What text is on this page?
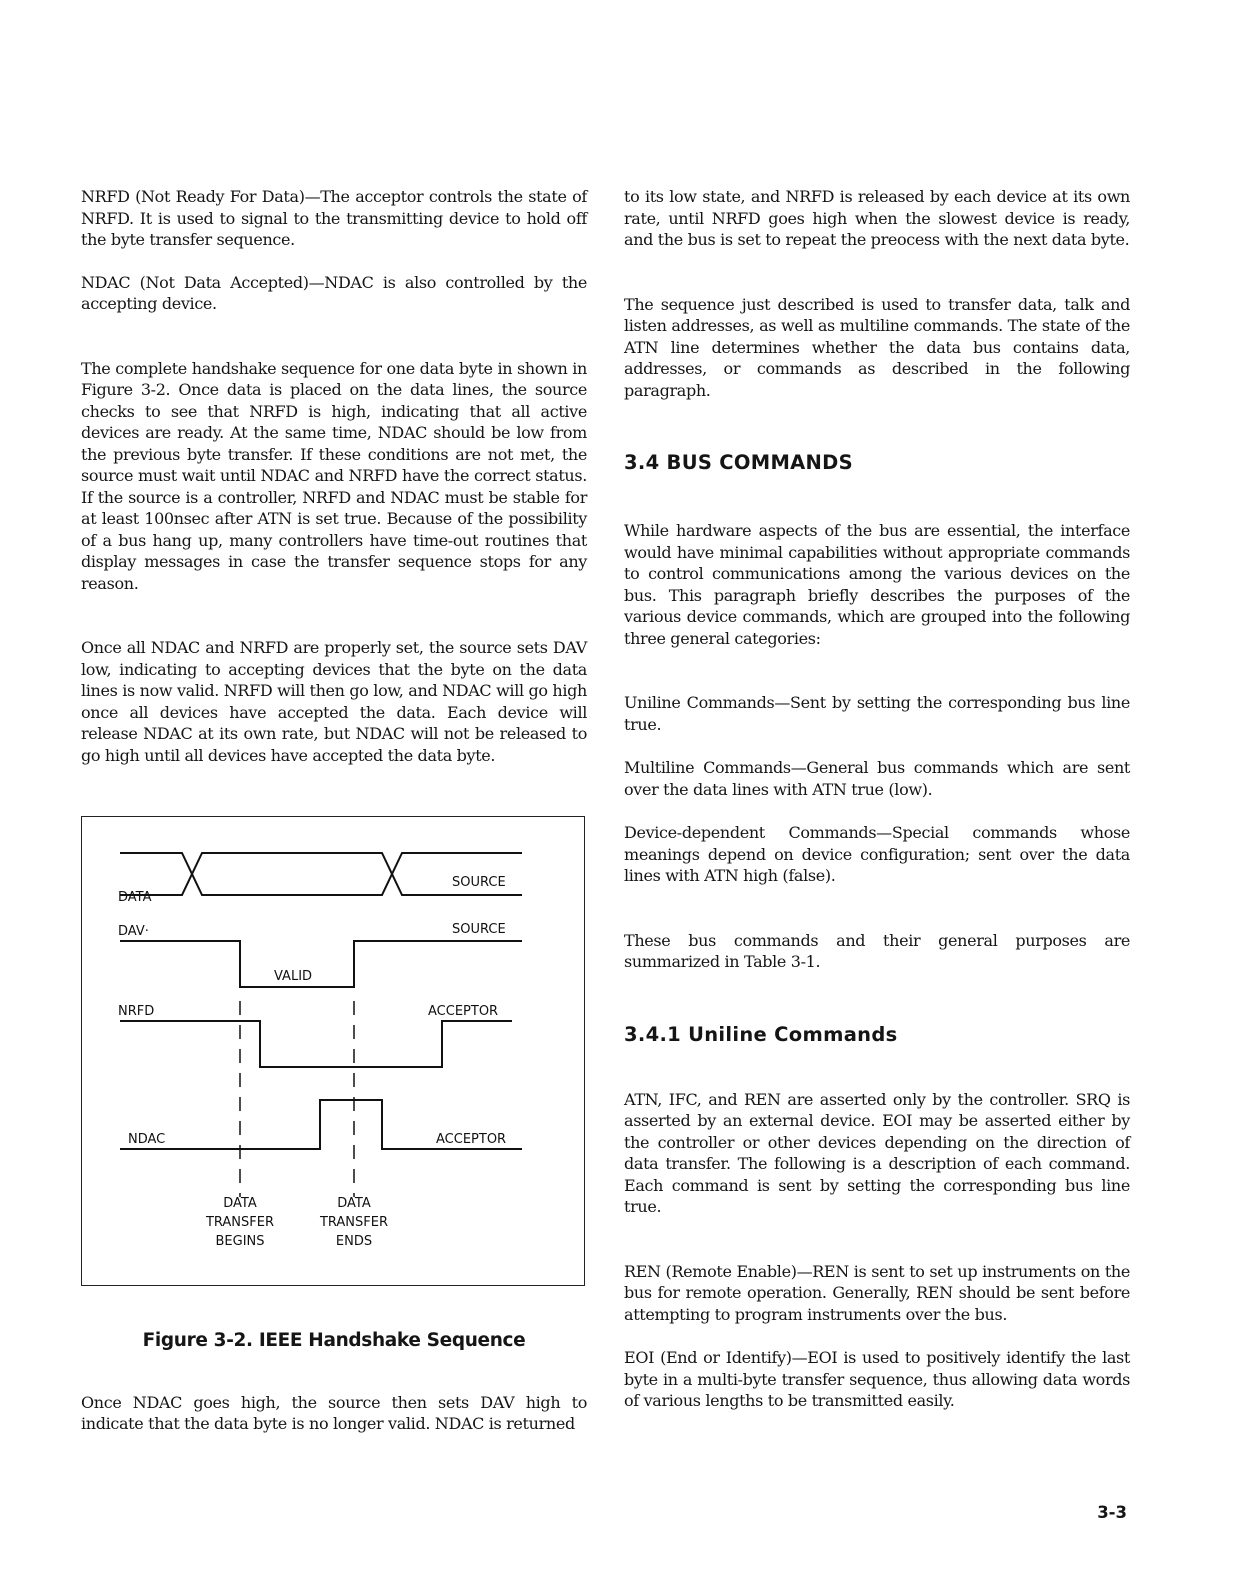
NRFD (Not Ready For Data)—The acceptor controls the state of NRFD. It is used to signal to the transmitting device to hold off the byte transfer sequence.

NDAC (Not Data Accepted)—NDAC is also controlled by the accepting device.

The complete handshake sequence for one data byte in shown in Figure 3-2. Once data is placed on the data lines, the source checks to see that NRFD is high, indicating that all active devices are ready. At the same time, NDAC should be low from the previous byte transfer. If these conditions are not met, the source must wait until NDAC and NRFD have the correct status. If the source is a controller, NRFD and NDAC must be stable for at least 100nsec after ATN is set true. Because of the possibility of a bus hang up, many controllers have time-out routines that display messages in case the transfer sequence stops for any reason.

Once all NDAC and NRFD are properly set, the source sets DAV low, indicating to accepting devices that the byte on the data lines is now valid. NRFD will then go low, and NDAC will go high once all devices have accepted the data. Each device will release NDAC at its own rate, but NDAC will not be released to go high until all devices have accepted the data byte.

DATA
SOURCE
DAV·	SOURCE
VALID
NRFD	ACCEPTOR
NDAC	ACCEPTOR
DATA
TRANSFER
BEGINS
DATA
TRANSFER
ENDS

Figure 3-2. IEEE Handshake Sequence

Once NDAC goes high, the source then sets DAV high to indicate that the data byte is no longer valid. NDAC is returned

to its low state, and NRFD is released by each device at its own rate, until NRFD goes high when the slowest device is ready, and the bus is set to repeat the preocess with the next data byte.

The sequence just described is used to transfer data, talk and listen addresses, as well as multiline commands. The state of the ATN line determines whether the data bus contains data, addresses, or commands as described in the following paragraph.

3.4 BUS COMMANDS

While hardware aspects of the bus are essential, the interface would have minimal capabilities without appropriate commands to control communications among the various devices on the bus. This paragraph briefly describes the purposes of the various device commands, which are grouped into the following three general categories:

Uniline Commands—Sent by setting the corresponding bus line true.

Multiline Commands—General bus commands which are sent over the data lines with ATN true (low).

Device-dependent Commands—Special commands whose meanings depend on device configuration; sent over the data lines with ATN high (false).

These bus commands and their general purposes are summarized in Table 3-1.

3.4.1 Uniline Commands

ATN, IFC, and REN are asserted only by the controller. SRQ is asserted by an external device. EOI may be asserted either by the controller or other devices depending on the direction of data transfer. The following is a description of each command. Each command is sent by setting the corresponding bus line true.

REN (Remote Enable)—REN is sent to set up instruments on the bus for remote operation. Generally, REN should be sent before attempting to program instruments over the bus.

EOI (End or Identify)—EOI is used to positively identify the last byte in a multi-byte transfer sequence, thus allowing data words of various lengths to be transmitted easily.

3-3
